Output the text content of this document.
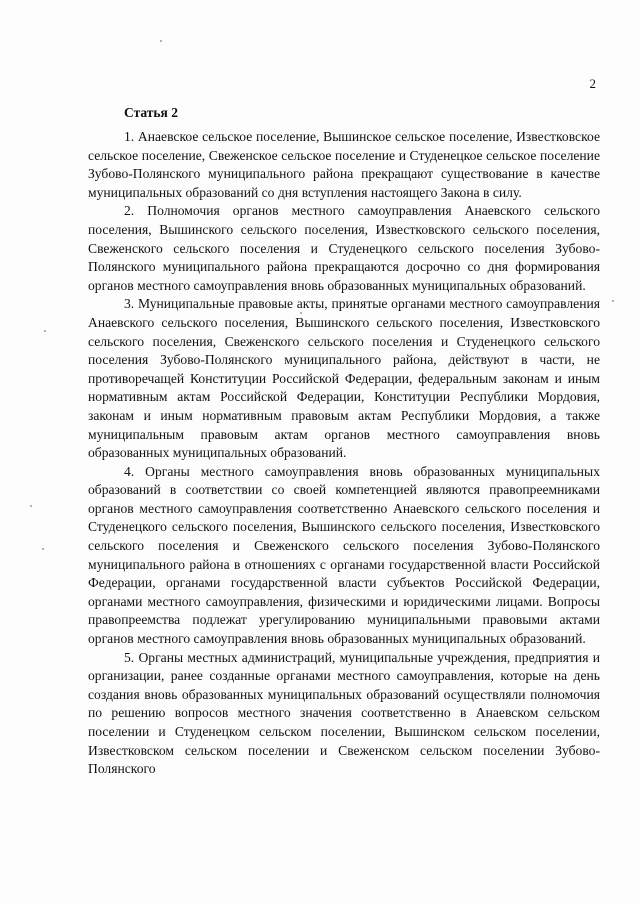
2
Статья 2

1. Анаевское сельское поселение, Вышинское сельское поселение, Известковское сельское поселение, Свеженское сельское поселение и Студенецкое сельское поселение Зубово-Полянского муниципального района прекращают существование в качестве муниципальных образований со дня вступления настоящего Закона в силу.

2. Полномочия органов местного самоуправления Анаевского сельского поселения, Вышинского сельского поселения, Известковского сельского поселения, Свеженского сельского поселения и Студенецкого сельского поселения Зубово-Полянского муниципального района прекращаются досрочно со дня формирования органов местного самоуправления вновь образованных муниципальных образований.

3. Муниципальные правовые акты, принятые органами местного самоуправления Анаевского сельского поселения, Вышинского сельского поселения, Известковского сельского поселения, Свеженского сельского поселения и Студенецкого сельского поселения Зубово-Полянского муниципального района, действуют в части, не противоречащей Конституции Российской Федерации, федеральным законам и иным нормативным актам Российской Федерации, Конституции Республики Мордовия, законам и иным нормативным правовым актам Республики Мордовия, а также муниципальным правовым актам органов местного самоуправления вновь образованных муниципальных образований.

4. Органы местного самоуправления вновь образованных муниципальных образований в соответствии со своей компетенцией являются правопреемниками органов местного самоуправления соответственно Анаевского сельского поселения и Студенецкого сельского поселения, Вышинского сельского поселения, Известковского сельского поселения и Свеженского сельского поселения Зубово-Полянского муниципального района в отношениях с органами государственной власти Российской Федерации, органами государственной власти субъектов Российской Федерации, органами местного самоуправления, физическими и юридическими лицами. Вопросы правопреемства подлежат урегулированию муниципальными правовыми актами органов местного самоуправления вновь образованных муниципальных образований.

5. Органы местных администраций, муниципальные учреждения, предприятия и организации, ранее созданные органами местного самоуправления, которые на день создания вновь образованных муниципальных образований осуществляли полномочия по решению вопросов местного значения соответственно в Анаевском сельском поселении и Студенецком сельском поселении, Вышинском сельском поселении, Известковском сельском поселении и Свеженском сельском поселении Зубово-Полянского
